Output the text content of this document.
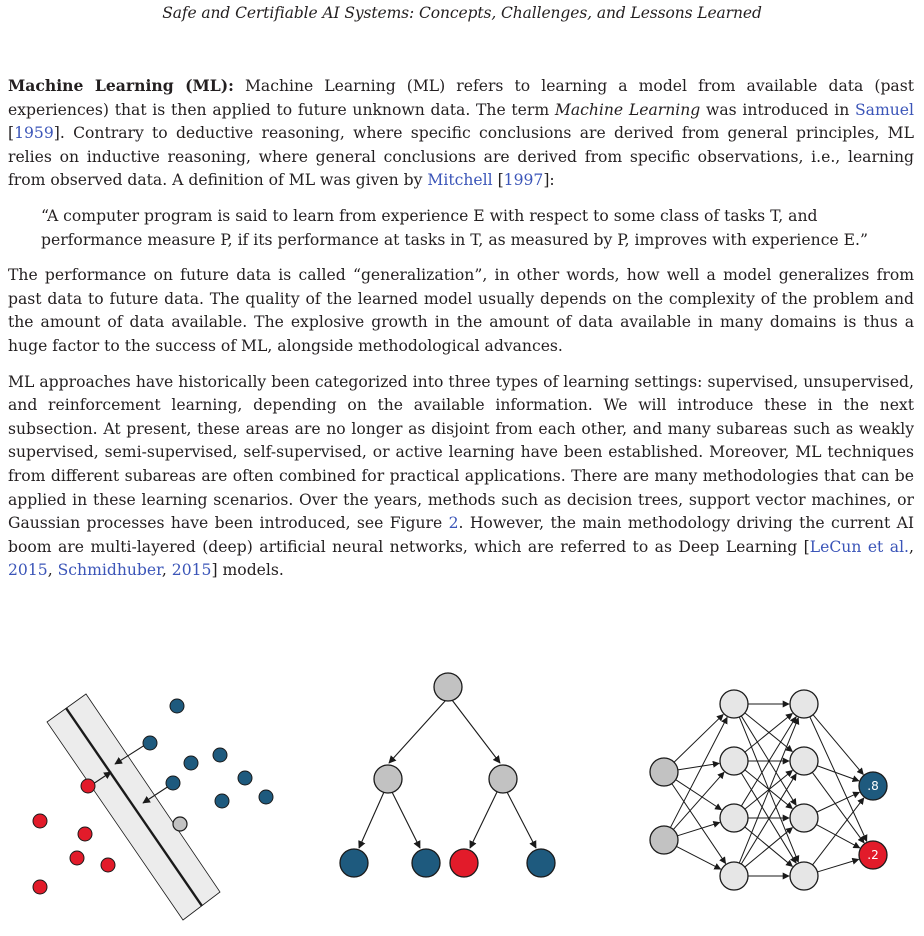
Safe and Certifiable AI Systems: Concepts, Challenges, and Lessons Learned

Machine Learning (ML): Machine Learning (ML) refers to learning a model from available data (past experiences) that is then applied to future unknown data. The term Machine Learning was introduced in Samuel [1959]. Contrary to deductive reasoning, where specific conclusions are derived from general principles, ML relies on inductive reasoning, where general conclusions are derived from specific observations, i.e., learning from observed data. A definition of ML was given by Mitchell [1997]:

“A computer program is said to learn from experience E with respect to some class of tasks T, and performance measure P, if its performance at tasks in T, as measured by P, improves with experience E.”

The performance on future data is called “generalization”, in other words, how well a model generalizes from past data to future data. The quality of the learned model usually depends on the complexity of the problem and the amount of data available. The explosive growth in the amount of data available in many domains is thus a huge factor to the success of ML, alongside methodological advances.

ML approaches have historically been categorized into three types of learning settings: supervised, unsupervised, and reinforcement learning, depending on the available information. We will introduce these in the next subsection. At present, these areas are no longer as disjoint from each other, and many subareas such as weakly supervised, semi-supervised, self-supervised, or active learning have been established. Moreover, ML techniques from different subareas are often combined for practical applications. There are many methodologies that can be applied in these learning scenarios. Over the years, methods such as decision trees, support vector machines, or Gaussian processes have been introduced, see Figure 2. However, the main methodology driving the current AI boom are multi-layered (deep) artificial neural networks, which are referred to as Deep Learning [LeCun et al., 2015, Schmidhuber, 2015] models.

.8
.2
